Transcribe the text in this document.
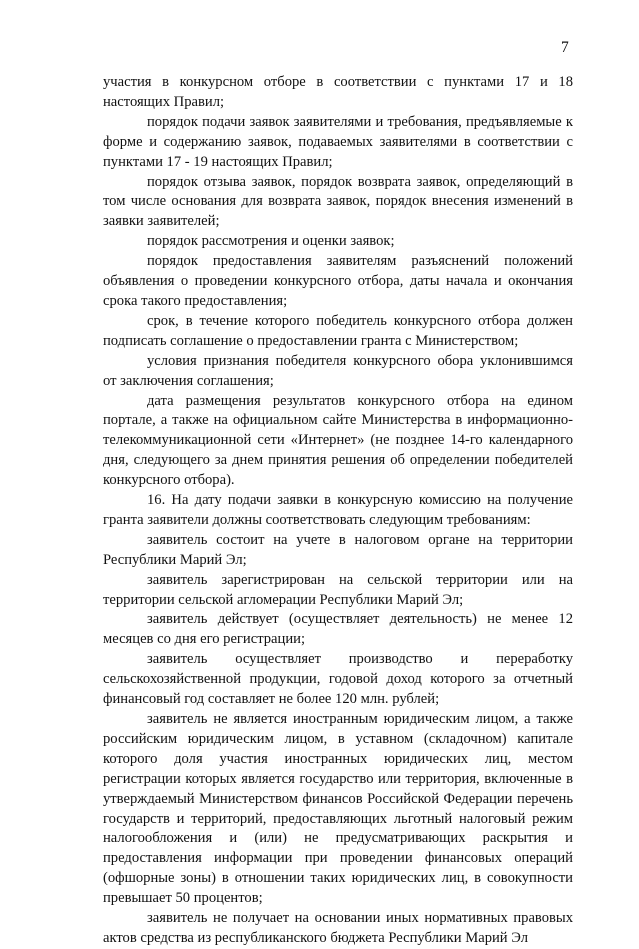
7

участия в конкурсном отборе в соответствии с пунктами 17 и 18 настоящих Правил;

порядок подачи заявок заявителями и требования, предъявляемые к форме и содержанию заявок, подаваемых заявителями в соответствии с пунктами 17 - 19 настоящих Правил;

порядок отзыва заявок, порядок возврата заявок, определяющий в том числе основания для возврата заявок, порядок внесения изменений в заявки заявителей;

порядок рассмотрения и оценки заявок;

порядок предоставления заявителям разъяснений положений объявления о проведении конкурсного отбора, даты начала и окончания срока такого предоставления;

срок, в течение которого победитель конкурсного отбора должен подписать соглашение о предоставлении гранта с Министерством;

условия признания победителя конкурсного обора уклонившимся от заключения соглашения;

дата размещения результатов конкурсного отбора на едином портале, а также на официальном сайте Министерства в информационно-телекоммуникационной сети «Интернет» (не позднее 14-го календарного дня, следующего за днем принятия решения об определении победителей конкурсного отбора).

16. На дату подачи заявки в конкурсную комиссию на получение гранта заявители должны соответствовать следующим требованиям:

заявитель состоит на учете в налоговом органе на территории Республики Марий Эл;

заявитель зарегистрирован на сельской территории или на территории сельской агломерации Республики Марий Эл;

заявитель действует (осуществляет деятельность) не менее 12 месяцев со дня его регистрации;

заявитель осуществляет производство и переработку сельскохозяйственной продукции, годовой доход которого за отчетный финансовый год составляет не более 120 млн. рублей;

заявитель не является иностранным юридическим лицом, а также российским юридическим лицом, в уставном (складочном) капитале которого доля участия иностранных юридических лиц, местом регистрации которых является государство или территория, включенные в утверждаемый Министерством финансов Российской Федерации перечень государств и территорий, предоставляющих льготный налоговый режим налогообложения и (или) не предусматривающих раскрытия и предоставления информации при проведении финансовых операций (офшорные зоны) в отношении таких юридических лиц, в совокупности превышает 50 процентов;

заявитель не получает на основании иных нормативных правовых актов средства из республиканского бюджета Республики Марий Эл
